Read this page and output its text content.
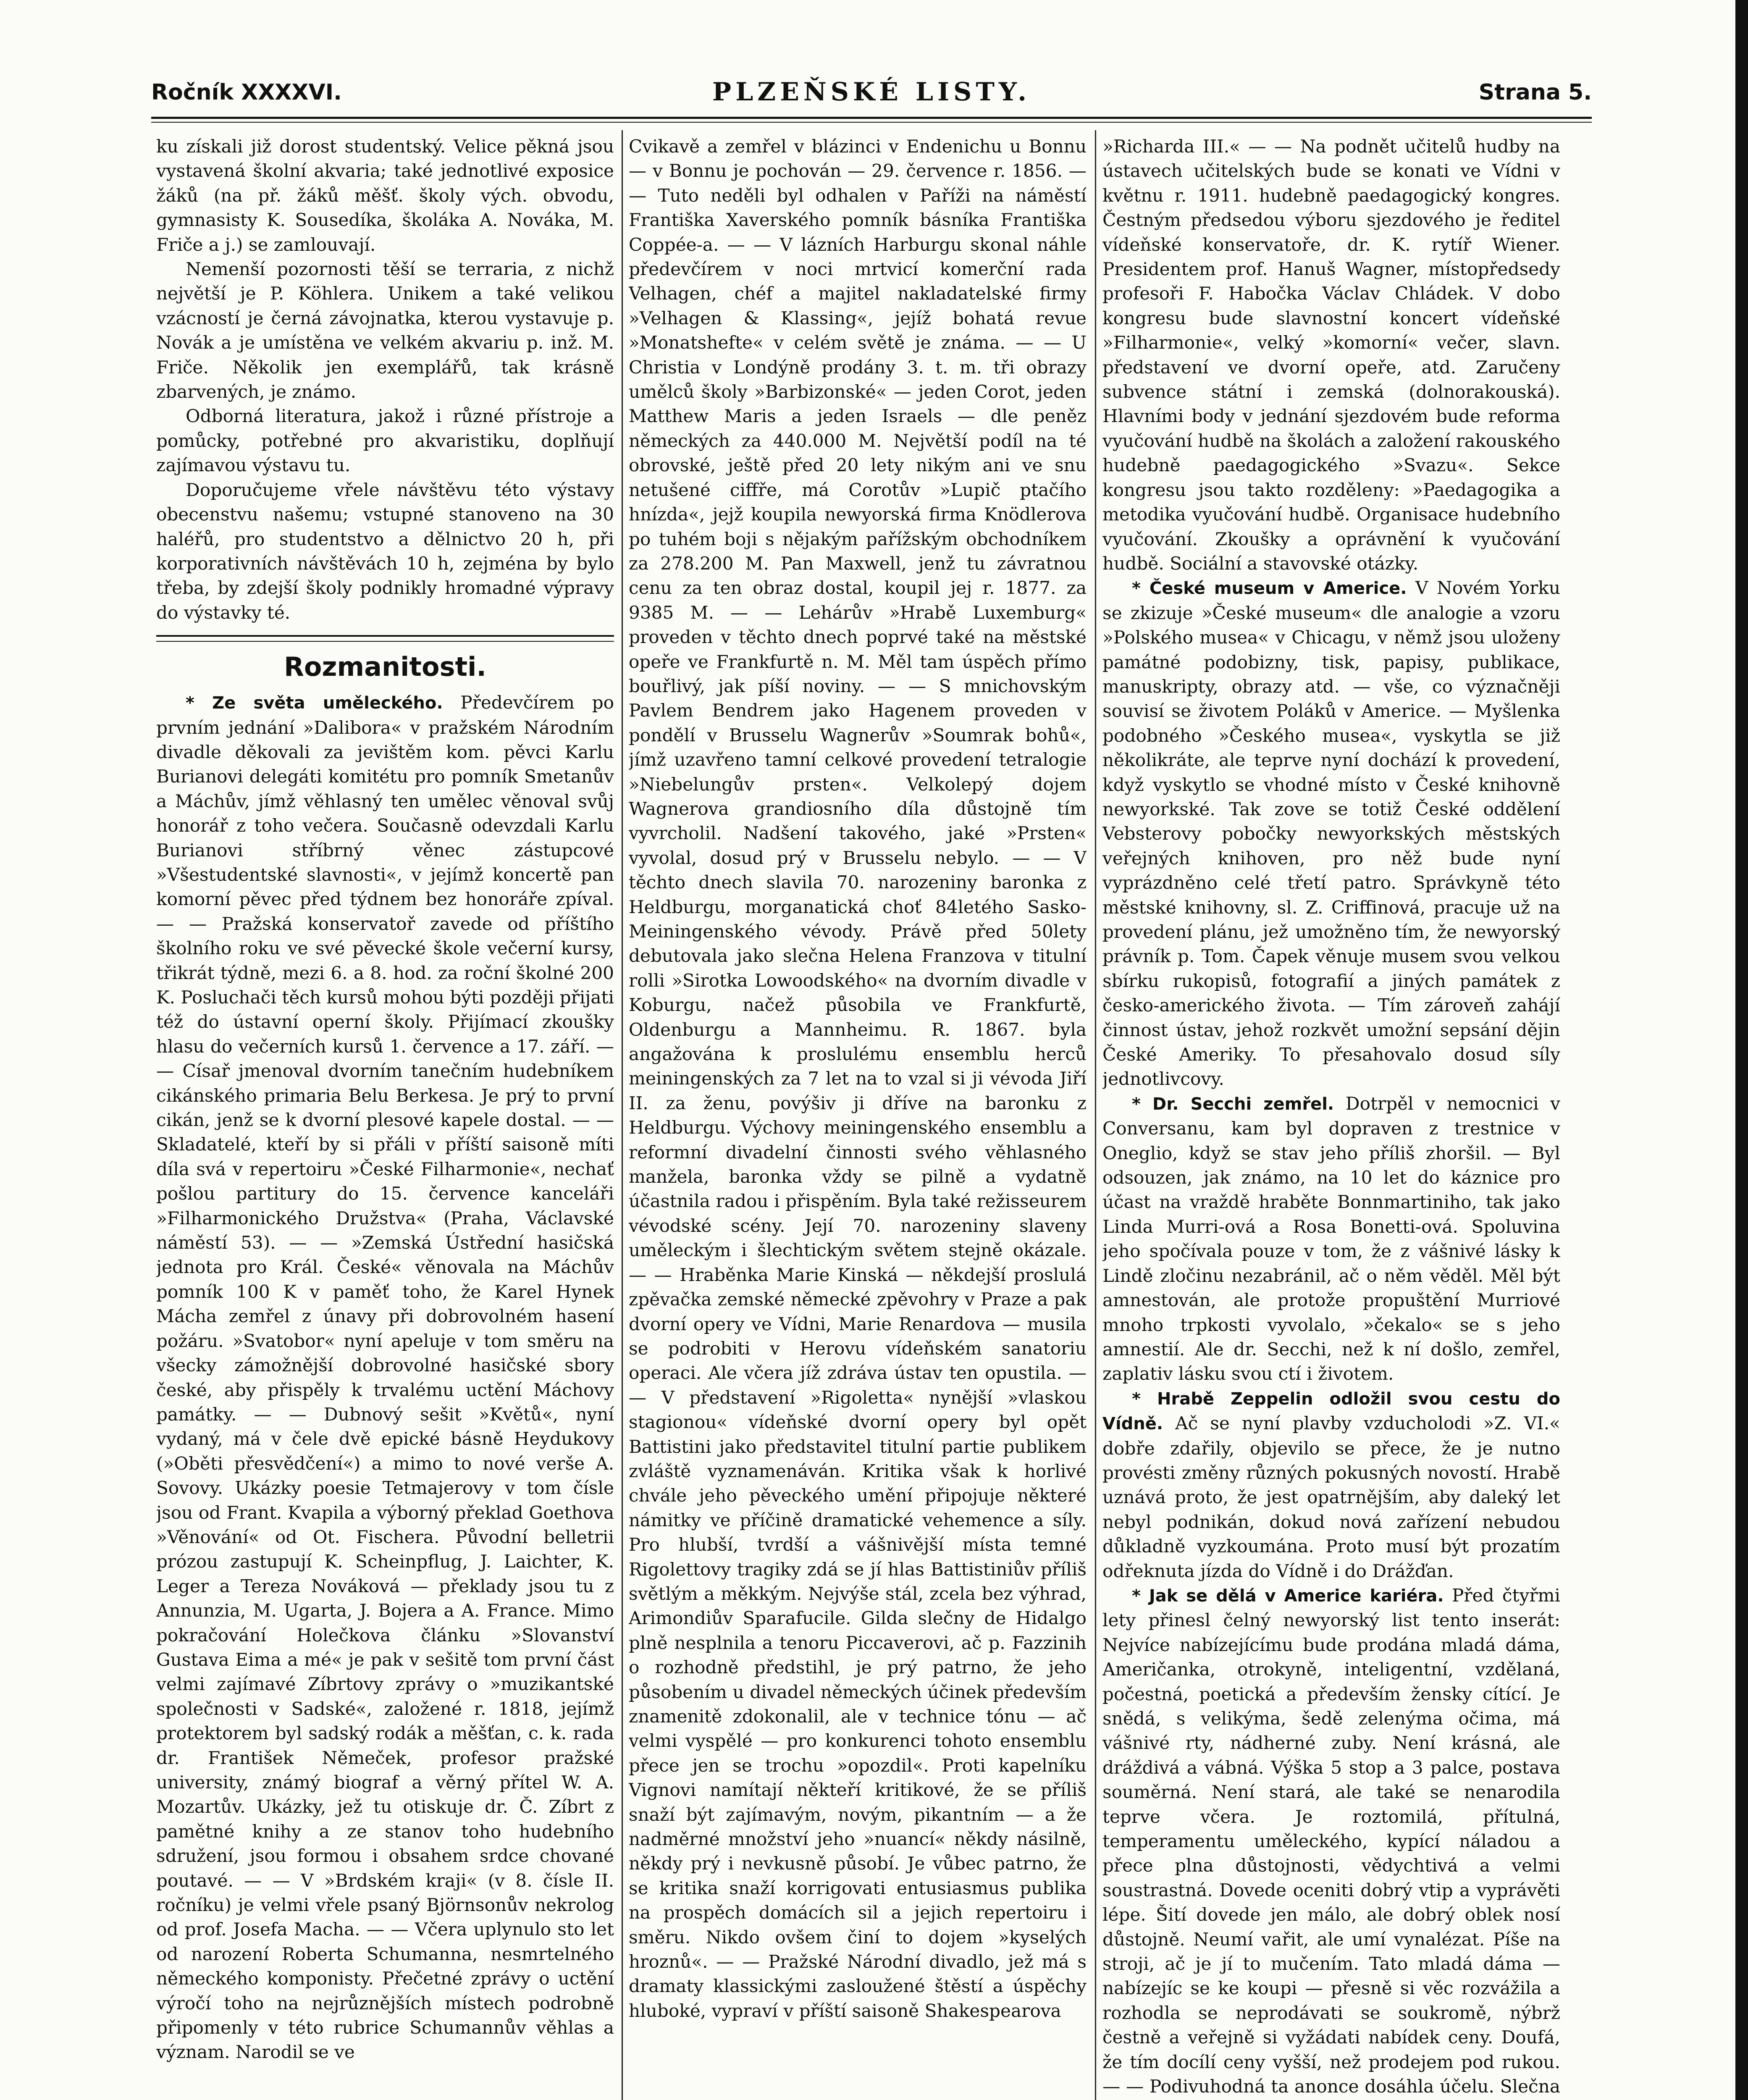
Ročník XXXXVI.	PLZEŇSKÉ LISTY.	Strana 5.

ku získali již dorost studentský. Velice pěkná jsou vystavená školní akvaria; také jednotlivé exposice žáků (na př. žáků měšť. školy vých. obvodu, gymnasisty K. Sousedíka, školáka A. Nováka, M. Friče a j.) se zamlouvají.

Nemenší pozornosti těší se terraria, z nichž největší je P. Köhlera. Unikem a také velikou vzácností je černá závojnatka, kterou vystavuje p. Novák a je umístěna ve velkém akvariu p. inž. M. Friče. Několik jen exemplářů, tak krásně zbarvených, je známo.

Odborná literatura, jakož i různé přístroje a pomůcky, potřebné pro akvaristiku, doplňují zajímavou výstavu tu.

Doporučujeme vřele návštěvu této výstavy obecenstvu našemu; vstupné stanoveno na 30 haléřů, pro studentstvo a dělnictvo 20 h, při korporativních návštěvách 10 h, zejména by bylo třeba, by zdejší školy podnikly hromadné výpravy do výstavky té.

Rozmanitosti.

* Ze světa uměleckého. Předevčírem po prvním jednání »Dalibora« v pražském Národním divadle děkovali za jevištěm kom. pěvci Karlu Burianovi delegáti komitétu pro pomník Smetanův a Máchův, jímž věhlasný ten umělec věnoval svůj honorář z toho večera. Současně odevzdali Karlu Burianovi stříbrný věnec zástupcové »Všestudentské slavnosti«, v jejímž koncertě pan komorní pěvec před týdnem bez honoráře zpíval. — — Pražská konservatoř zavede od příštího školního roku ve své pěvecké škole večerní kursy, třikrát týdně, mezi 6. a 8. hod. za roční školné 200 K. Posluchači těch kursů mohou býti později přijati též do ústavní operní školy. Přijímací zkoušky hlasu do večerních kursů 1. července a 17. září. — — Císař jmenoval dvorním tanečním hudebníkem cikánského primaria Belu Berkesa. Je prý to první cikán, jenž se k dvorní plesové kapele dostal. — — Skladatelé, kteří by si přáli v příští saisoně míti díla svá v repertoiru »České Filharmonie«, nechať pošlou partitury do 15. července kanceláři »Filharmonického Družstva« (Praha, Václavské náměstí 53). — — »Zemská Ústřední hasičská jednota pro Král. České« věnovala na Máchův pomník 100 K v paměť toho, že Karel Hynek Mácha zemřel z únavy při dobrovolném hasení požáru. »Svatobor« nyní apeluje v tom směru na všecky zámožnější dobrovolné hasičské sbory české, aby přispěly k trvalému uctění Máchovy památky. — — Dubnový sešit »Květů«, nyní vydaný, má v čele dvě epické básně Heydukovy (»Oběti přesvědčení«) a mimo to nové verše A. Sovovy. Ukázky poesie Tetmajerovy v tom čísle jsou od Frant. Kvapila a výborný překlad Goethova »Věnování« od Ot. Fischera. Původní belletrii prózou zastupují K. Scheinpflug, J. Laichter, K. Leger a Tereza Nováková — překlady jsou tu z Annunzia, M. Ugarta, J. Bojera a A. France. Mimo pokračování Holečkova článku »Slovanství Gustava Eima a mé« je pak v sešitě tom první část velmi zajímavé Zíbrtovy zprávy o »muzikantské společnosti v Sadské«, založené r. 1818, jejímž protektorem byl sadský rodák a měšťan, c. k. rada dr. František Němeček, profesor pražské university, známý biograf a věrný přítel W. A. Mozartův. Ukázky, jež tu otiskuje dr. Č. Zíbrt z pamětné knihy a ze stanov toho hudebního sdružení, jsou formou i obsahem srdce chované poutavé. — — V »Brdském kraji« (v 8. čísle II. ročníku) je velmi vřele psaný Björnsonův nekrolog od prof. Josefa Macha. — — Včera uplynulo sto let od narození Roberta Schumanna, nesmrtelného německého komponisty. Přečetné zprávy o uctění výročí toho na nejrůznějších místech podrobně připomenly v této rubrice Schumannův věhlas a význam. Narodil se ve

Cvikavě a zemřel v blázinci v Endenichu u Bonnu — v Bonnu je pochován — 29. července r. 1856. — — Tuto neděli byl odhalen v Paříži na náměstí Františka Xaverského pomník básníka Františka Coppée-a. — — V lázních Harburgu skonal náhle předevčírem v noci mrtvicí komerční rada Velhagen, chéf a majitel nakladatelské firmy »Velhagen & Klassing«, jejíž bohatá revue »Monatshefte« v celém světě je známa. — — U Christia v Londýně prodány 3. t. m. tři obrazy umělců školy »Barbizonské« — jeden Corot, jeden Matthew Maris a jeden Israels — dle peněz německých za 440.000 M. Největší podíl na té obrovské, ještě před 20 lety nikým ani ve snu netušené ciffře, má Corotův »Lupič ptačího hnízda«, jejž koupila newyorská firma Knödlerova po tuhém boji s nějakým pařížským obchodníkem za 278.200 M. Pan Maxwell, jenž tu závratnou cenu za ten obraz dostal, koupil jej r. 1877. za 9385 M. — — Lehárův »Hrabě Luxemburg« proveden v těchto dnech poprvé také na městské opeře ve Frankfurtě n. M. Měl tam úspěch přímo bouřlivý, jak píší noviny. — — S mnichovským Pavlem Bendrem jako Hagenem proveden v pondělí v Brusselu Wagnerův »Soumrak bohů«, jímž uzavřeno tamní celkové provedení tetralogie »Niebelungův prsten«. Velkolepý dojem Wagnerova grandiosního díla důstojně tím vyvrcholil. Nadšení takového, jaké »Prsten« vyvolal, dosud prý v Brusselu nebylo. — — V těchto dnech slavila 70. narozeniny baronka z Heldburgu, morganatická choť 84letého Sasko-Meiningenského vévody. Právě před 50lety debutovala jako slečna Helena Franzova v titulní rolli »Sirotka Lowoodského« na dvorním divadle v Koburgu, načež působila ve Frankfurtě, Oldenburgu a Mannheimu. R. 1867. byla angažována k proslulému ensemblu herců meiningenských za 7 let na to vzal si ji vévoda Jiří II. za ženu, povýšiv ji dříve na baronku z Heldburgu. Výchovy meiningenského ensemblu a reformní divadelní činnosti svého věhlasného manžela, baronka vždy se pilně a vydatně účastnila radou i přispěním. Byla také režisseurem vévodské scény. Její 70. narozeniny slaveny uměleckým i šlechtickým světem stejně okázale. — — Hraběnka Marie Kinská — někdejší proslulá zpěvačka zemské německé zpěvohry v Praze a pak dvorní opery ve Vídni, Marie Renardova — musila se podrobiti v Herovu vídeňském sanatoriu operaci. Ale včera jíž zdráva ústav ten opustila. — — V představení »Rigoletta« nynější »vlaskou stagionou« vídeňské dvorní opery byl opět Battistini jako představitel titulní partie publikem zvláště vyznamenáván. Kritika však k horlivé chvále jeho pěveckého umění připojuje některé námitky ve příčině dramatické vehemence a síly. Pro hlubší, tvrdší a vášnivější místa temné Rigolettovy tragiky zdá se jí hlas Battistiniův příliš světlým a měkkým. Nejvýše stál, zcela bez výhrad, Arimondiův Sparafucile. Gilda slečny de Hidalgo plně nesplnila a tenoru Piccaverovi, ač p. Fazzinih o rozhodně předstihl, je prý patrno, že jeho působením u divadel německých účinek především znamenitě zdokonalil, ale v technice tónu — ač velmi vyspělé — pro konkurenci tohoto ensemblu přece jen se trochu »opozdil«. Proti kapelníku Vignovi namítají někteří kritikové, že se příliš snaží být zajímavým, novým, pikantním — a že nadměrné množství jeho »nuancí« někdy násilně, někdy prý i nevkusně působí. Je vůbec patrno, že se kritika snaží korrigovati entusiasmus publika na prospěch domácích sil a jejich repertoiru i směru. Nikdo ovšem činí to dojem »kyselých hroznů«. — — Pražské Národní divadlo, jež má s dramaty klassickými zasloužené štěstí a úspěchy hluboké, vypraví v příští saisoně Shakespearova

»Richarda III.« — — Na podnět učitelů hudby na ústavech učitelských bude se konati ve Vídni v květnu r. 1911. hudebně paedagogický kongres. Čestným předsedou výboru sjezdového je ředitel vídeňské konservatoře, dr. K. rytíř Wiener. Presidentem prof. Hanuš Wagner, místopředsedy profesoři F. Habočka Václav Chládek. V dobo kongresu bude slavnostní koncert vídeňské »Filharmonie«, velký »komorní« večer, slavn. představení ve dvorní opeře, atd. Zaručeny subvence státní i zemská (dolnorakouská). Hlavními body v jednání sjezdovém bude reforma vyučování hudbě na školách a založení rakouského hudebně paedagogického »Svazu«. Sekce kongresu jsou takto rozděleny: »Paedagogika a metodika vyučování hudbě. Organisace hudebního vyučování. Zkoušky a oprávnění k vyučování hudbě. Sociální a stavovské otázky.

* České museum v Americe. V Novém Yorku se zkizuje »České museum« dle analogie a vzoru »Polského musea« v Chicagu, v němž jsou uloženy památné podobizny, tisk, papisy, publikace, manuskripty, obrazy atd. — vše, co význačněji souvisí se životem Poláků v Americe. — Myšlenka podobného »Českého musea«, vyskytla se již několikráte, ale teprve nyní dochází k provedení, když vyskytlo se vhodné místo v České knihovně newyorkské. Tak zove se totiž České oddělení Vebsterovy pobočky newyorkských městských veřejných knihoven, pro něž bude nyní vyprázdněno celé třetí patro. Správkyně této městské knihovny, sl. Z. Criffinová, pracuje už na provedení plánu, jež umožněno tím, že newyorský právník p. Tom. Čapek věnuje musem svou velkou sbírku rukopisů, fotografií a jiných památek z česko-amerického života. — Tím zároveň zahájí činnost ústav, jehož rozkvět umožní sepsání dějin České Ameriky. To přesahovalo dosud síly jednotlivcovy.

* Dr. Secchi zemřel. Dotrpěl v nemocnici v Conversanu, kam byl dopraven z trestnice v Oneglio, když se stav jeho příliš zhoršil. — Byl odsouzen, jak známo, na 10 let do káznice pro účast na vraždě hraběte Bonnmartiniho, tak jako Linda Murri-ová a Rosa Bonetti-ová. Spoluvina jeho spočívala pouze v tom, že z vášnivé lásky k Lindě zločinu nezabránil, ač o něm věděl. Měl být amnestován, ale protože propuštění Murriové mnoho trpkosti vyvolalo, »čekalo« se s jeho amnestií. Ale dr. Secchi, než k ní došlo, zemřel, zaplativ lásku svou ctí i životem.

* Hrabě Zeppelin odložil svou cestu do Vídně. Ač se nyní plavby vzducholodi »Z. VI.« dobře zdařily, objevilo se přece, že je nutno provésti změny různých pokusných novostí. Hrabě uznává proto, že jest opatrnějším, aby daleký let nebyl podnikán, dokud nová zařízení nebudou důkladně vyzkoumána. Proto musí být prozatím odřeknuta jízda do Vídně i do Drážďan.

* Jak se dělá v Americe kariéra. Před čtyřmi lety přinesl čelný newyorský list tento inserát: Nejvíce nabízejícímu bude prodána mladá dáma, Američanka, otrokyně, inteligentní, vzdělaná, počestná, poetická a především žensky cítící. Je snědá, s velikýma, šedě zelenýma očima, má vášnivé rty, nádherné zuby. Není krásná, ale dráždivá a vábná. Výška 5 stop a 3 palce, postava souměrná. Není stará, ale také se nenarodila teprve včera. Je roztomilá, přítulná, temperamentu uměleckého, kypící náladou a přece plna důstojnosti, vědychtivá a velmi soustrastná. Dovede oceniti dobrý vtip a vyprávěti lépe. Šití dovede jen málo, ale dobrý oblek nosí důstojně. Neumí vařit, ale umí vynalézat. Píše na stroji, ač je jí to mučením. Tato mladá dáma — nabízejíc se ke koupi — přesně si věc rozvážila a rozhodla se neprodávati se soukromě, nýbrž čestně a veřejně si vyžádati nabídek ceny. Doufá, že tím docílí ceny vyšší, než prodejem pod rukou. — — Podivuhodná ta anonce dosáhla účelu. Slečna
